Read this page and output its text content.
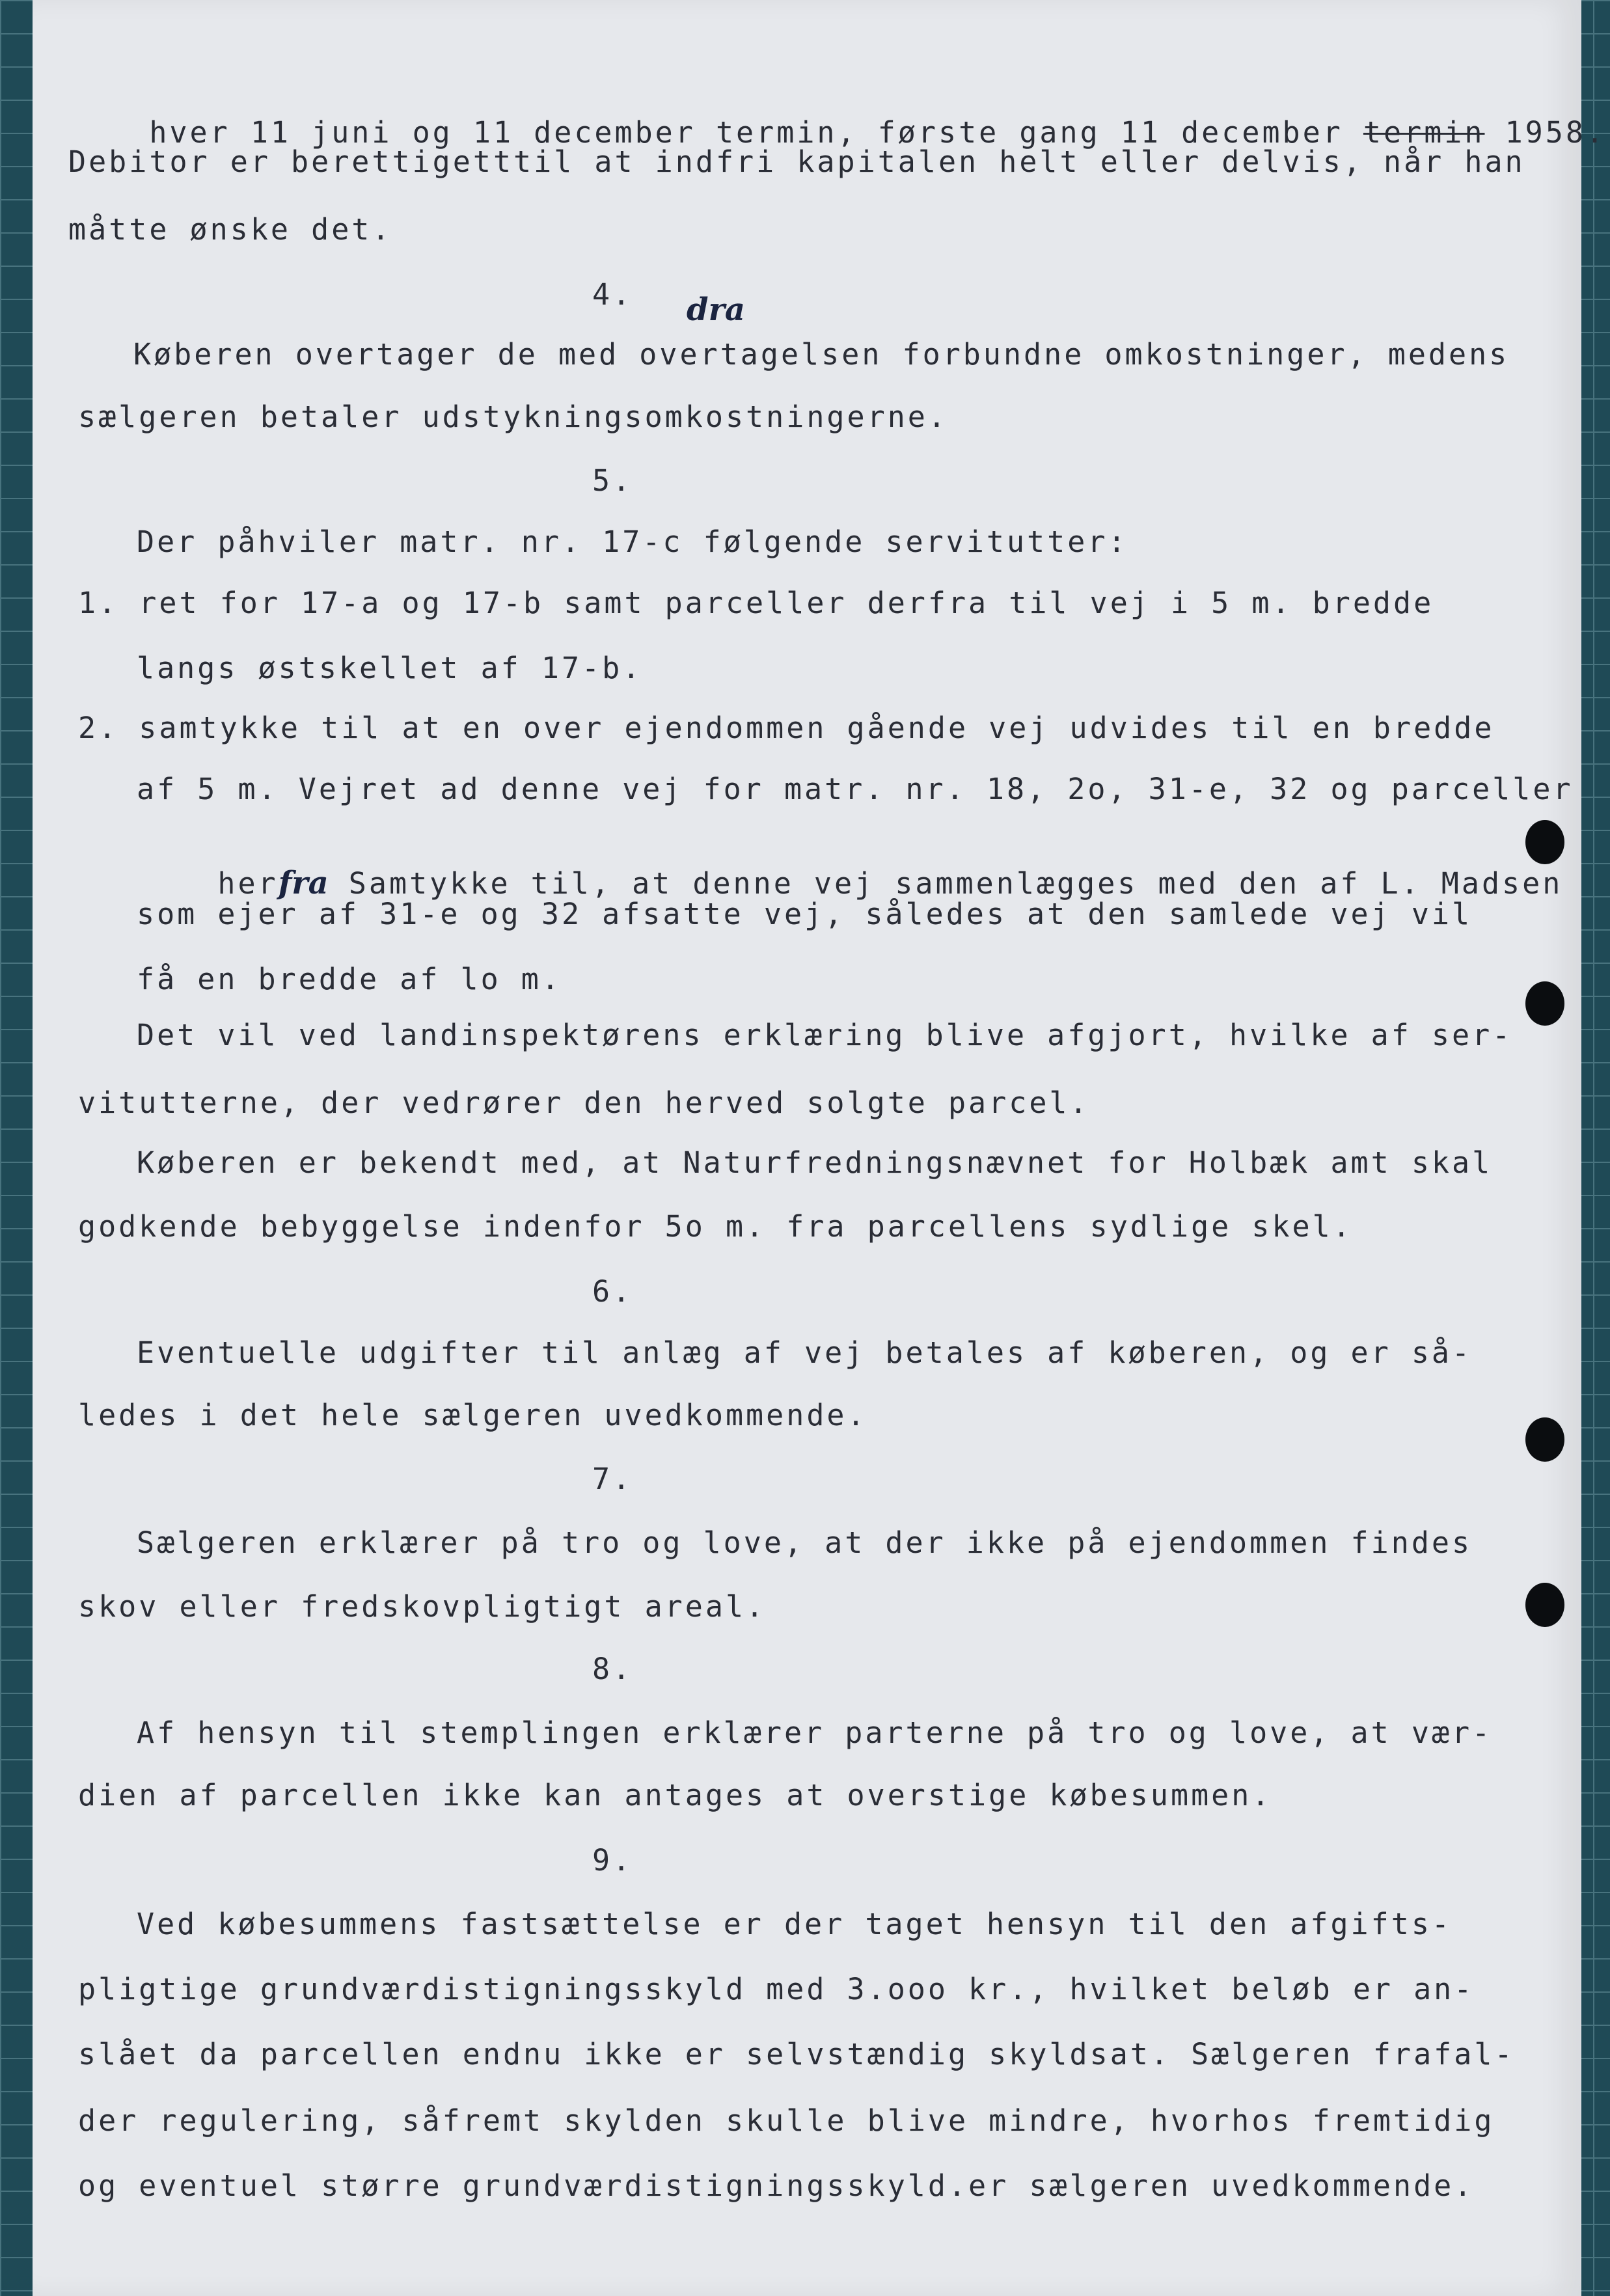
hver 11 juni og 11 december termin, første gang 11 december termin 1958.

Debitor er berettigetttil at indfri kapitalen helt eller delvis, når han

måtte ønske det.

4. dra

Køberen overtager de med overtagelsen forbundne omkostninger, medens

sælgeren betaler udstykningsomkostningerne.

5.

Der påhviler matr. nr. 17-c følgende servitutter:

1. ret for 17-a og 17-b samt parceller derfra til vej i 5 m. bredde

langs østskellet af 17-b.

2. samtykke til at en over ejendommen gående vej udvides til en bredde

af 5 m. Vejret ad denne vej for matr. nr. 18, 2o, 31-e, 32 og parceller

herfra Samtykke til, at denne vej sammenlægges med den af L. Madsen

som ejer af 31-e og 32 afsatte vej, således at den samlede vej vil

få en bredde af lo m.

Det vil ved landinspektørens erklæring blive afgjort, hvilke af ser-

vitutterne, der vedrører den herved solgte parcel.

Køberen er bekendt med, at Naturfredningsnævnet for Holbæk amt skal

godkende bebyggelse indenfor 5o m. fra parcellens sydlige skel.

6.

Eventuelle udgifter til anlæg af vej betales af køberen, og er så-

ledes i det hele sælgeren uvedkommende.

7.

Sælgeren erklærer på tro og love, at der ikke på ejendommen findes

skov eller fredskovpligtigt areal.

8.

Af hensyn til stemplingen erklærer parterne på tro og love, at vær-

dien af parcellen ikke kan antages at overstige købesummen.

9.

Ved købesummens fastsættelse er der taget hensyn til den afgifts-

pligtige grundværdistigningsskyld med 3.ooo kr., hvilket beløb er an-

slået da parcellen endnu ikke er selvstændig skyldsat. Sælgeren frafal-

der regulering, såfremt skylden skulle blive mindre, hvorhos fremtidig

og eventuel større grundværdistigningsskyld.er sælgeren uvedkommende.
